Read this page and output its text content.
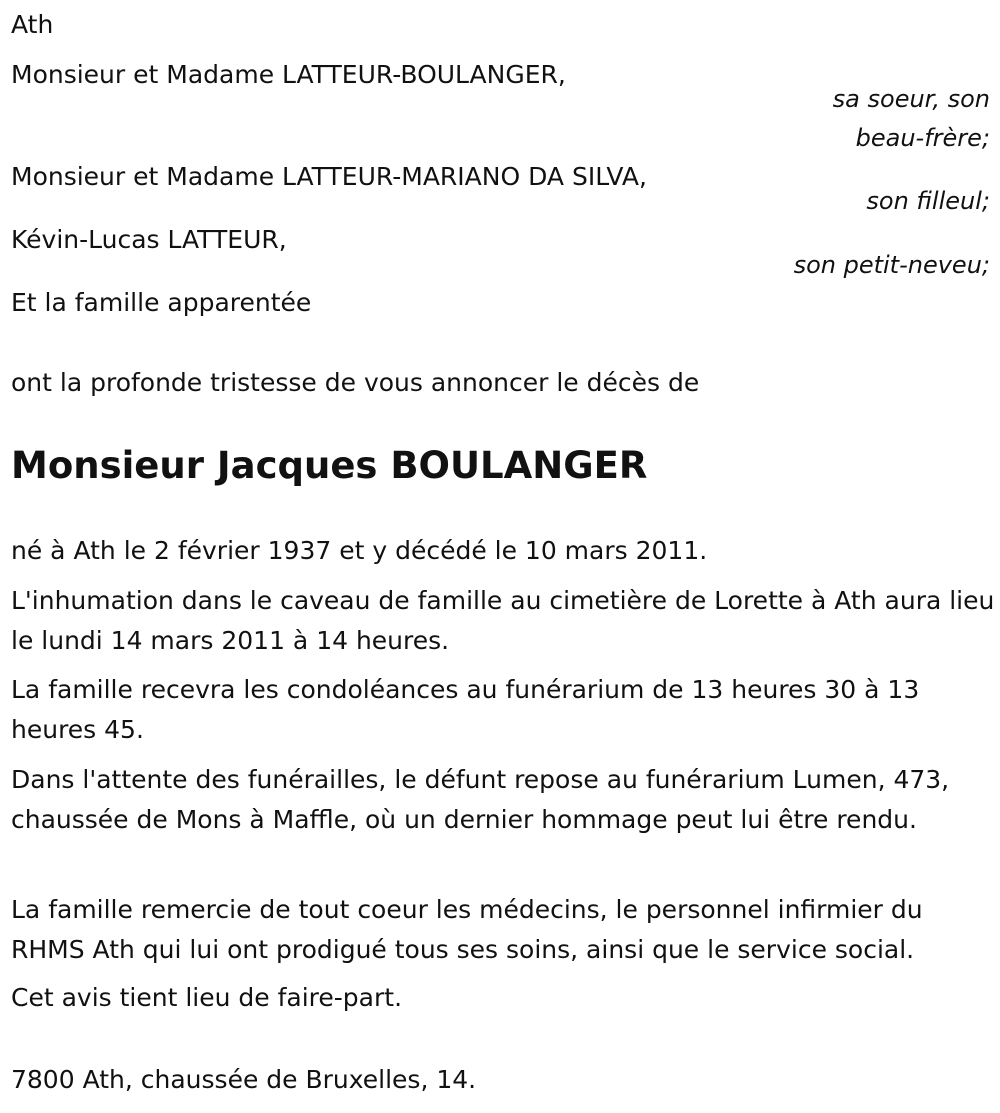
Ath
Monsieur et Madame LATTEUR-BOULANGER,
sa soeur, son
beau-frère;
Monsieur et Madame LATTEUR-MARIANO DA SILVA,
son filleul;
Kévin-Lucas LATTEUR,
son petit-neveu;
Et la famille apparentée
ont la profonde tristesse de vous annoncer le décès de
Monsieur Jacques BOULANGER
né à Ath le 2 février 1937 et y décédé le 10 mars 2011.
L'inhumation dans le caveau de famille au cimetière de Lorette à Ath aura lieu le lundi 14 mars 2011 à 14 heures.
La famille recevra les condoléances au funérarium de 13 heures 30 à 13 heures 45.
Dans l'attente des funérailles, le défunt repose au funérarium Lumen, 473, chaussée de Mons à Maffle, où un dernier hommage peut lui être rendu.
La famille remercie de tout coeur les médecins, le personnel infirmier du RHMS Ath qui lui ont prodigué tous ses soins, ainsi que le service social.
Cet avis tient lieu de faire-part.
7800 Ath, chaussée de Bruxelles, 14.
